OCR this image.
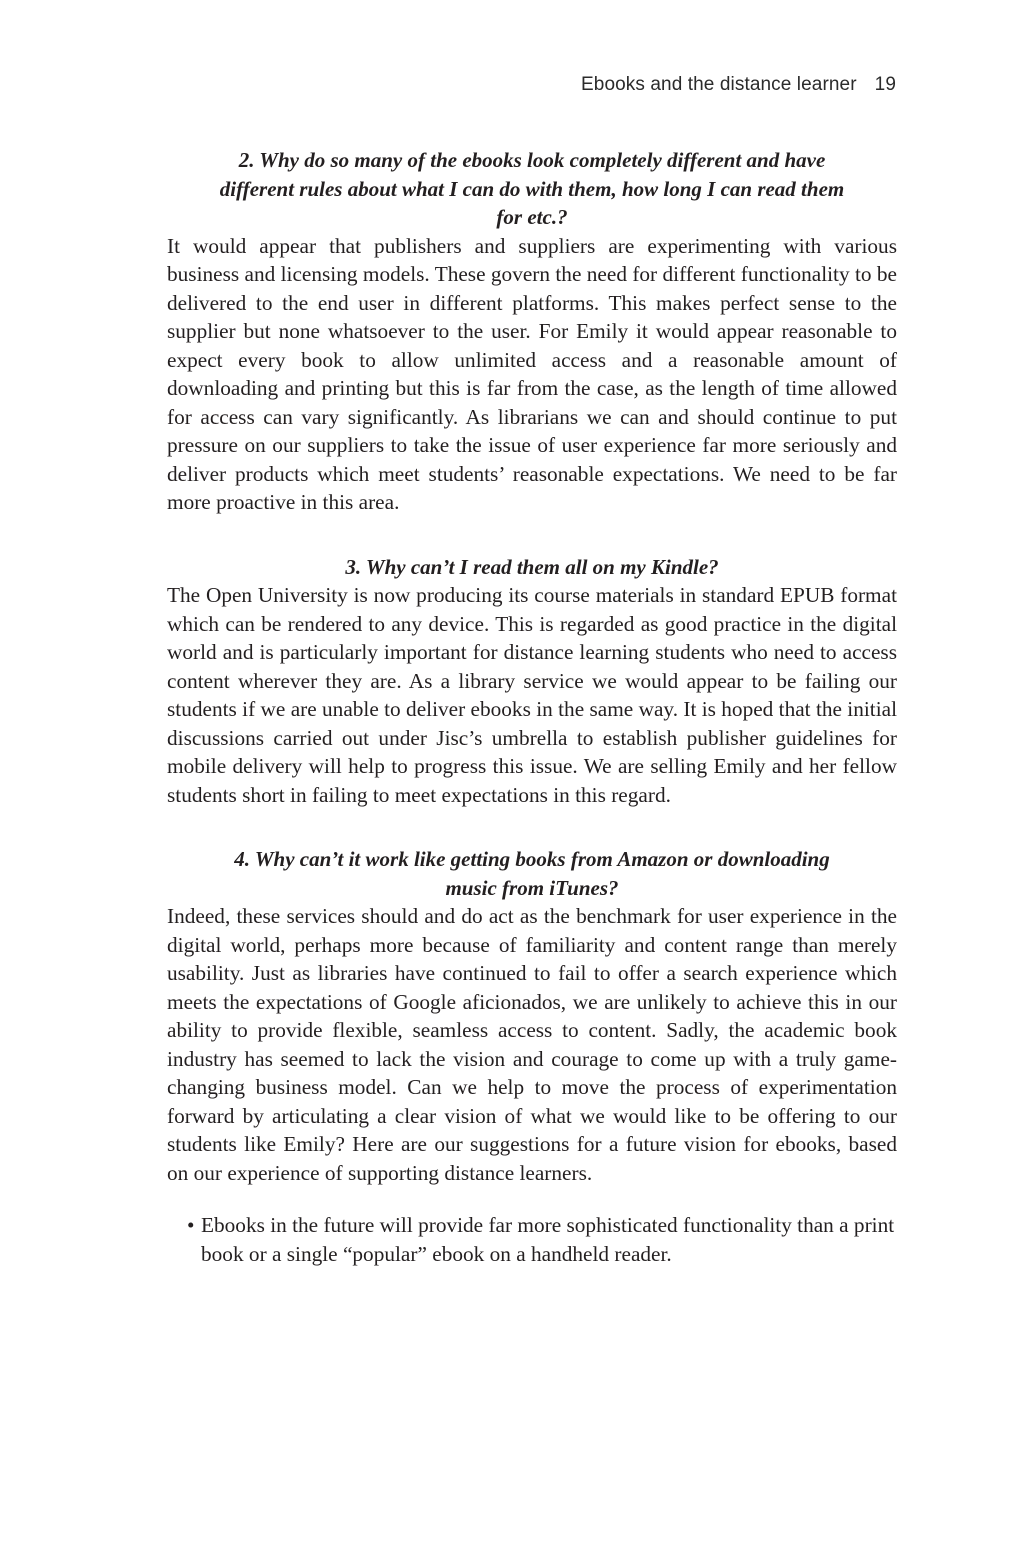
Ebooks and the distance learner 19
2. Why do so many of the ebooks look completely different and have different rules about what I can do with them, how long I can read them for etc.?

It would appear that publishers and suppliers are experimenting with various business and licensing models. These govern the need for different functionality to be delivered to the end user in different platforms. This makes perfect sense to the supplier but none whatsoever to the user. For Emily it would appear reasonable to expect every book to allow unlimited access and a reasonable amount of downloading and printing but this is far from the case, as the length of time allowed for access can vary significantly. As librarians we can and should continue to put pressure on our suppliers to take the issue of user experience far more seriously and deliver products which meet students’ reasonable expectations. We need to be far more proactive in this area.

3. Why can’t I read them all on my Kindle?

The Open University is now producing its course materials in standard EPUB format which can be rendered to any device. This is regarded as good practice in the digital world and is particularly important for distance learning students who need to access content wherever they are. As a library service we would appear to be failing our students if we are unable to deliver ebooks in the same way. It is hoped that the initial discussions carried out under Jisc’s umbrella to establish publisher guidelines for mobile delivery will help to progress this issue. We are selling Emily and her fellow students short in failing to meet expectations in this regard.

4. Why can’t it work like getting books from Amazon or downloading music from iTunes?

Indeed, these services should and do act as the benchmark for user experience in the digital world, perhaps more because of familiarity and content range than merely usability. Just as libraries have continued to fail to offer a search experience which meets the expectations of Google aficionados, we are unlikely to achieve this in our ability to provide flexible, seamless access to content. Sadly, the academic book industry has seemed to lack the vision and courage to come up with a truly game-changing business model. Can we help to move the process of experimentation forward by articulating a clear vision of what we would like to be offering to our students like Emily? Here are our suggestions for a future vision for ebooks, based on our experience of supporting distance learners.

• Ebooks in the future will provide far more sophisticated functionality than a print book or a single “popular” ebook on a handheld reader.
